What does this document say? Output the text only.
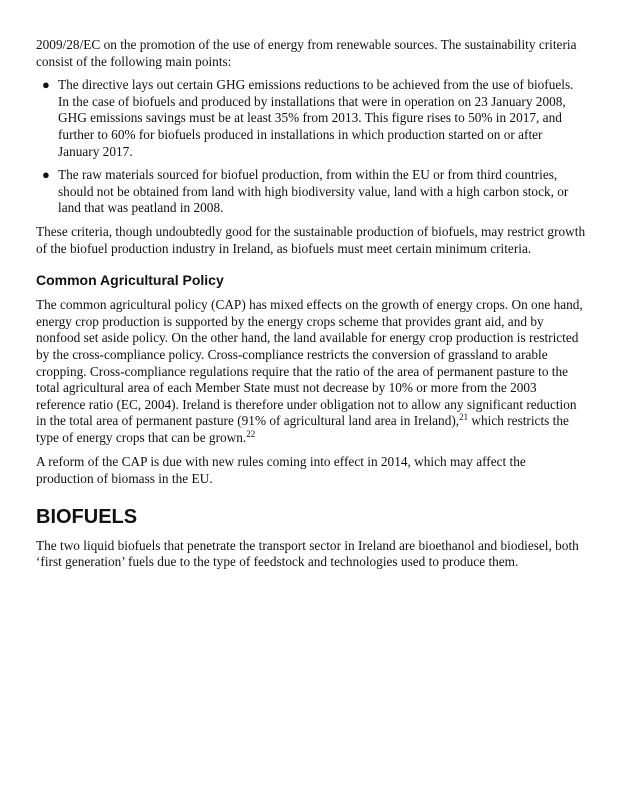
2009/28/EC on the promotion of the use of energy from renewable sources. The sustainability criteria consist of the following main points:

● The directive lays out certain GHG emissions reductions to be achieved from the use of biofuels. In the case of biofuels and produced by installations that were in operation on 23 January 2008, GHG emissions savings must be at least 35% from 2013. This figure rises to 50% in 2017, and further to 60% for biofuels produced in installations in which production started on or after January 2017.
● The raw materials sourced for biofuel production, from within the EU or from third countries, should not be obtained from land with high biodiversity value, land with a high carbon stock, or land that was peatland in 2008.

These criteria, though undoubtedly good for the sustainable production of biofuels, may restrict growth of the biofuel production industry in Ireland, as biofuels must meet certain minimum criteria.

Common Agricultural Policy

The common agricultural policy (CAP) has mixed effects on the growth of energy crops. On one hand, energy crop production is supported by the energy crops scheme that provides grant aid, and by nonfood set aside policy. On the other hand, the land available for energy crop production is restricted by the cross-compliance policy. Cross-compliance restricts the conversion of grassland to arable cropping. Cross-compliance regulations require that the ratio of the area of permanent pasture to the total agricultural area of each Member State must not decrease by 10% or more from the 2003 reference ratio (EC, 2004). Ireland is therefore under obligation not to allow any significant reduction in the total area of permanent pasture (91% of agricultural land area in Ireland),$^{21}$ which restricts the type of energy crops that can be grown.$^{22}$

A reform of the CAP is due with new rules coming into effect in 2014, which may affect the production of biomass in the EU.

BIOFUELS

The two liquid biofuels that penetrate the transport sector in Ireland are bioethanol and biodiesel, both ‘first generation’ fuels due to the type of feedstock and technologies used to produce them.
